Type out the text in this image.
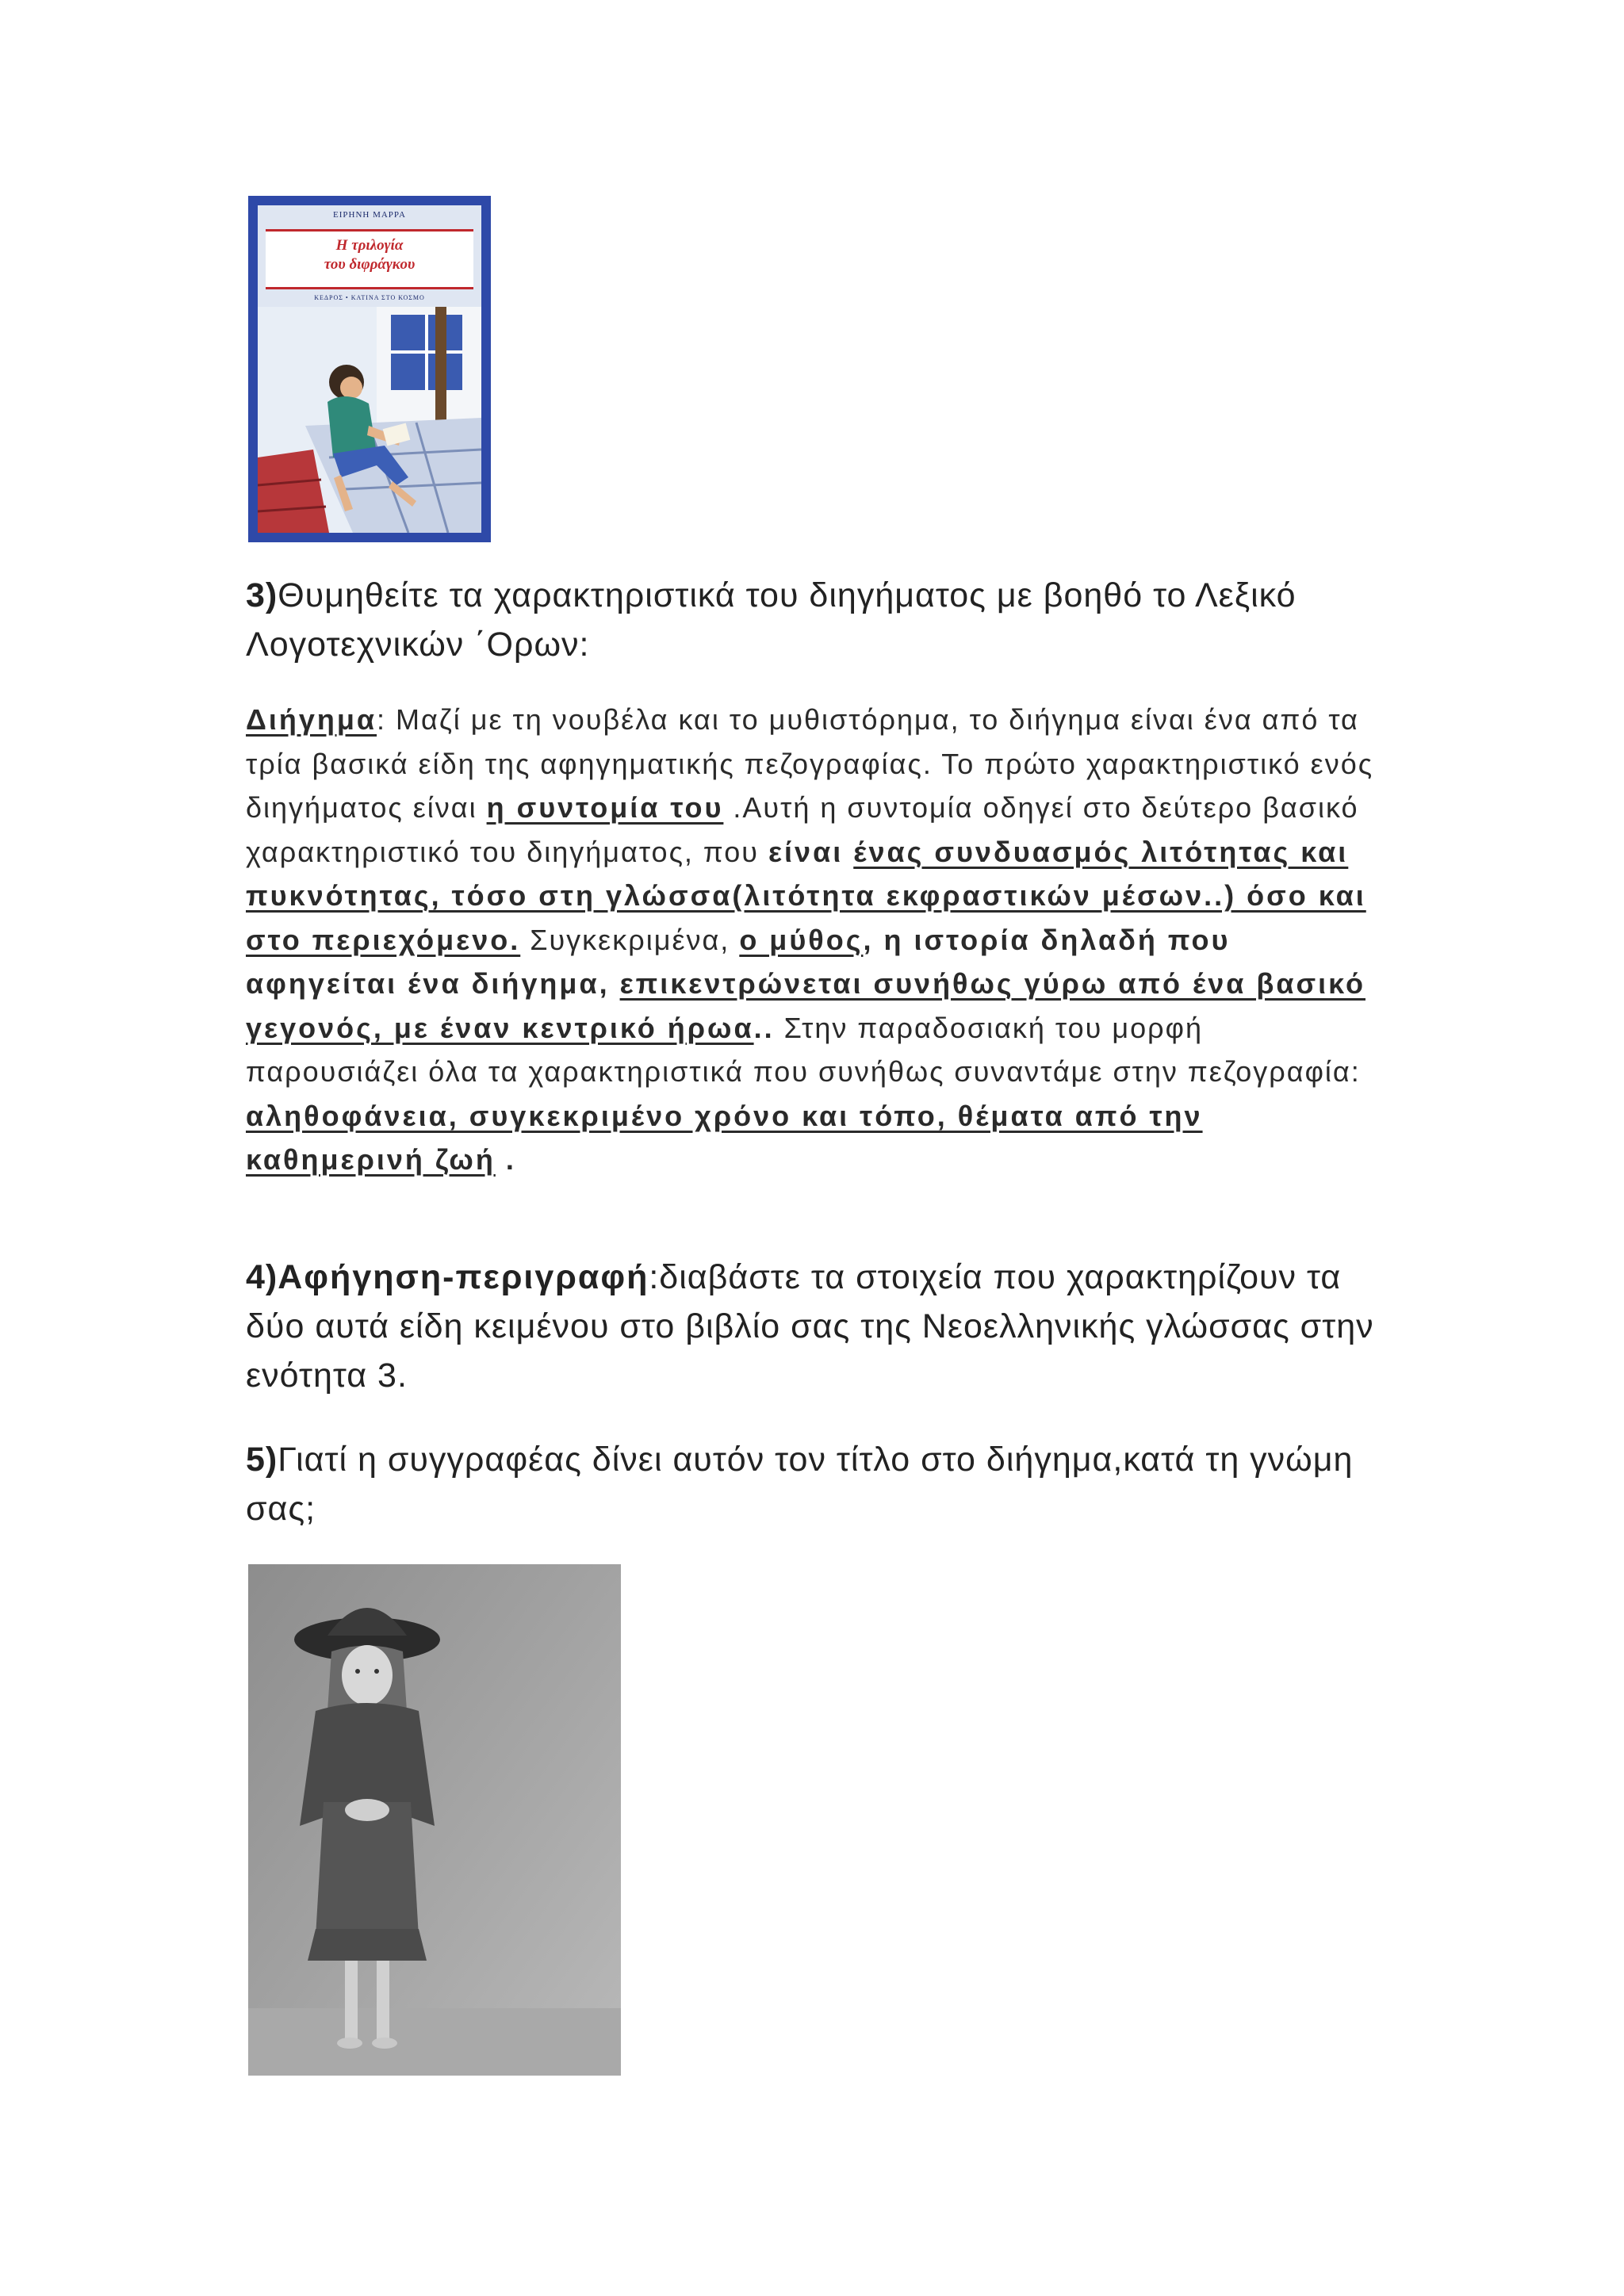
ΕΙΡΗΝΗ ΜΑΡΡΑ
Η τριλογία
του διφράγκου
ΚΕΔΡΟΣ • ΚΑΤΙΝΑ ΣΤΟ ΚΟΣΜΟ
3)Θυμηθείτε τα χαρακτηριστικά του διηγήματος με βοηθό το Λεξικό Λογοτεχνικών ΄Ορων:
Διήγημα: Μαζί με τη νουβέλα και το μυθιστόρημα, το διήγημα είναι ένα από τα τρία βασικά είδη της αφηγηματικής πεζογραφίας. Το πρώτο χαρακτηριστικό ενός διηγήματος είναι η συντομία του .Αυτή η συντομία οδηγεί στο δεύτερο βασικό χαρακτηριστικό του διηγήματος, που είναι ένας συνδυασμός λιτότητας και πυκνότητας, τόσο στη γλώσσα(λιτότητα εκφραστικών μέσων..) όσο και στο περιεχόμενο. Συγκεκριμένα, ο μύθος, η ιστορία δηλαδή που αφηγείται ένα διήγημα, επικεντρώνεται συνήθως γύρω από ένα βασικό γεγονός, με έναν κεντρικό ήρωα.. Στην παραδοσιακή του μορφή παρουσιάζει όλα τα χαρακτηριστικά που συνήθως συναντάμε στην πεζογραφία: αληθοφάνεια, συγκεκριμένο χρόνο και τόπο, θέματα από την καθημερινή ζωή .
4)Αφήγηση-περιγραφή:διαβάστε τα στοιχεία που χαρακτηρίζουν τα δύο αυτά είδη κειμένου στο βιβλίο σας της Νεοελληνικής γλώσσας στην ενότητα 3.
5)Γιατί η συγγραφέας δίνει αυτόν τον τίτλο στο διήγημα,κατά τη γνώμη σας;
